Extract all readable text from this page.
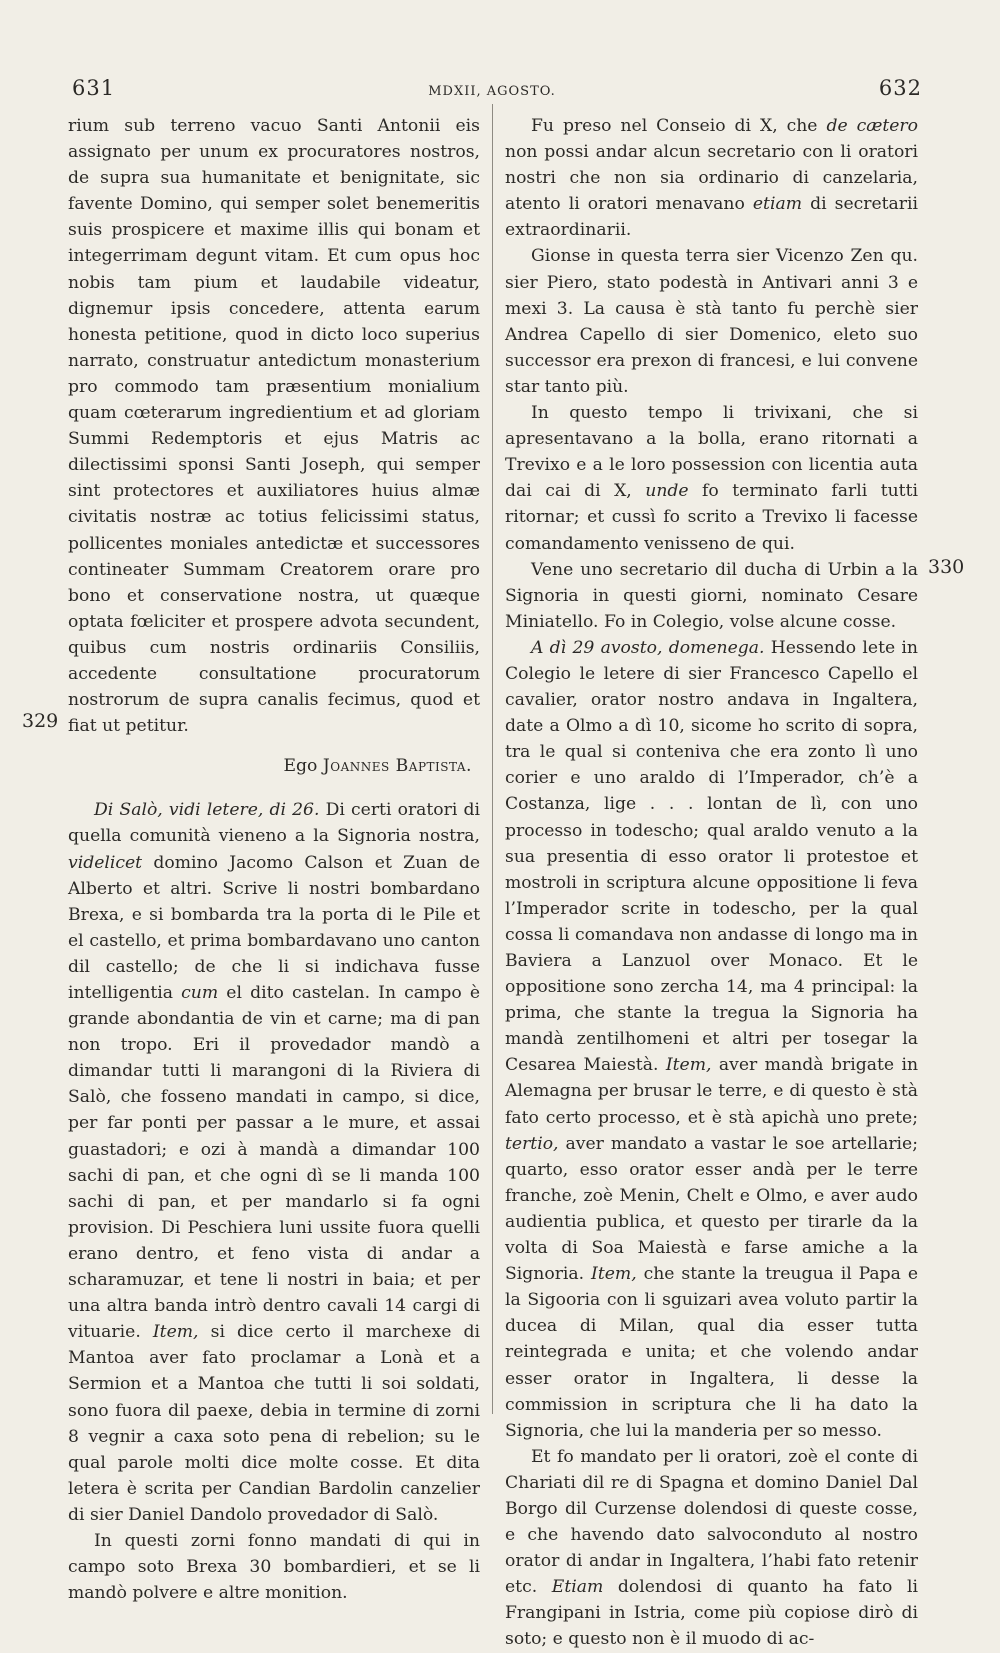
631	MDXII, AGOSTO.	632
329
330

rium sub terreno vacuo Santi Antonii eis assignato per unum ex procuratores nostros, de supra sua humanitate et benignitate, sic favente Domino, qui semper solet benemeritis suis prospicere et maxime illis qui bonam et integerrimam degunt vitam. Et cum opus hoc nobis tam pium et laudabile videatur, dignemur ipsis concedere, attenta earum honesta petitione, quod in dicto loco superius narrato, construatur antedictum monasterium pro commodo tam præsentium monialium quam cœterarum ingredientium et ad gloriam Summi Redemptoris et ejus Matris ac dilectissimi sponsi Santi Joseph, qui semper sint protectores et auxiliatores huius almæ civitatis nostræ ac totius felicissimi status, pollicentes moniales antedictæ et successores contineater Summam Creatorem orare pro bono et conservatione nostra, ut quæque optata fœliciter et prospere advota secundent, quibus cum nostris ordinariis Consiliis, accedente consultatione procuratorum nostrorum de supra canalis fecimus, quod et fiat ut petitur.

Ego Joannes Baptista.

Di Salò, vidi letere, di 26. Di certi oratori di quella comunità vieneno a la Signoria nostra, videlicet domino Jacomo Calson et Zuan de Alberto et altri. Scrive li nostri bombardano Brexa, e si bombarda tra la porta di le Pile et el castello, et prima bombardavano uno canton dil castello; de che li si indichava fusse intelligentia cum el dito castelan. In campo è grande abondantia de vin et carne; ma di pan non tropo. Eri il provedador mandò a dimandar tutti li marangoni di la Riviera di Salò, che fosseno mandati in campo, si dice, per far ponti per passar a le mure, et assai guastadori; e ozi à mandà a dimandar 100 sachi di pan, et che ogni dì se li manda 100 sachi di pan, et per mandarlo si fa ogni provision. Di Peschiera luni ussite fuora quelli erano dentro, et feno vista di andar a scharamuzar, et tene li nostri in baia; et per una altra banda intrò dentro cavali 14 cargi di vituarie. Item, si dice certo il marchexe di Mantoa aver fato proclamar a Lonà et a Sermion et a Mantoa che tutti li soi soldati, sono fuora dil paexe, debia in termine di zorni 8 vegnir a caxa soto pena di rebelion; su le qual parole molti dice molte cosse. Et dita letera è scrita per Candian Bardolin canzelier di sier Daniel Dandolo provedador di Salò.

In questi zorni fonno mandati di qui in campo soto Brexa 30 bombardieri, et se li mandò polvere e altre monition.

Fu preso nel Conseio di X, che de cætero non possi andar alcun secretario con li oratori nostri che non sia ordinario di canzelaria, atento li oratori menavano etiam di secretarii extraordinarii.

Gionse in questa terra sier Vicenzo Zen qu. sier Piero, stato podestà in Antivari anni 3 e mexi 3. La causa è stà tanto fu perchè sier Andrea Capello di sier Domenico, eleto suo successor era prexon di francesi, e lui convene star tanto più.

In questo tempo li trivixani, che si apresentavano a la bolla, erano ritornati a Trevixo e a le loro possession con licentia auta dai cai di X, unde fo terminato farli tutti ritornar; et cussì fo scrito a Trevixo li facesse comandamento venisseno de qui.

Vene uno secretario dil ducha di Urbin a la Signoria in questi giorni, nominato Cesare Miniatello. Fo in Colegio, volse alcune cosse.

A dì 29 avosto, domenega. Hessendo lete in Colegio le letere di sier Francesco Capello el cavalier, orator nostro andava in Ingaltera, date a Olmo a dì 10, sicome ho scrito di sopra, tra le qual si conteniva che era zonto lì uno corier e uno araldo di l’Imperador, ch’è a Costanza, lige . . . lontan de lì, con uno processo in todescho; qual araldo venuto a la sua presentia di esso orator li protestoe et mostroli in scriptura alcune oppositione li feva l’Imperador scrite in todescho, per la qual cossa li comandava non andasse di longo ma in Baviera a Lanzuol over Monaco. Et le oppositione sono zercha 14, ma 4 principal: la prima, che stante la tregua la Signoria ha mandà zentilhomeni et altri per tosegar la Cesarea Maiestà. Item, aver mandà brigate in Alemagna per brusar le terre, e di questo è stà fato certo processo, et è stà apichà uno prete; tertio, aver mandato a vastar le soe artellarie; quarto, esso orator esser andà per le terre franche, zoè Menin, Chelt e Olmo, e aver audo audientia publica, et questo per tirarle da la volta di Soa Maiestà e farse amiche a la Signoria. Item, che stante la treugua il Papa e la Sigooria con li sguizari avea voluto partir la ducea di Milan, qual dia esser tutta reintegrada e unita; et che volendo andar esser orator in Ingaltera, li desse la commission in scriptura che li ha dato la Signoria, che lui la manderia per so messo.

Et fo mandato per li oratori, zoè el conte di Chariati dil re di Spagna et domino Daniel Dal Borgo dil Curzense dolendosi di queste cosse, e che havendo dato salvoconduto al nostro orator di andar in Ingaltera, l’habi fato retenir etc. Etiam dolendosi di quanto ha fato li Frangipani in Istria, come più copiose dirò di soto; e questo non è il muodo di ac-
